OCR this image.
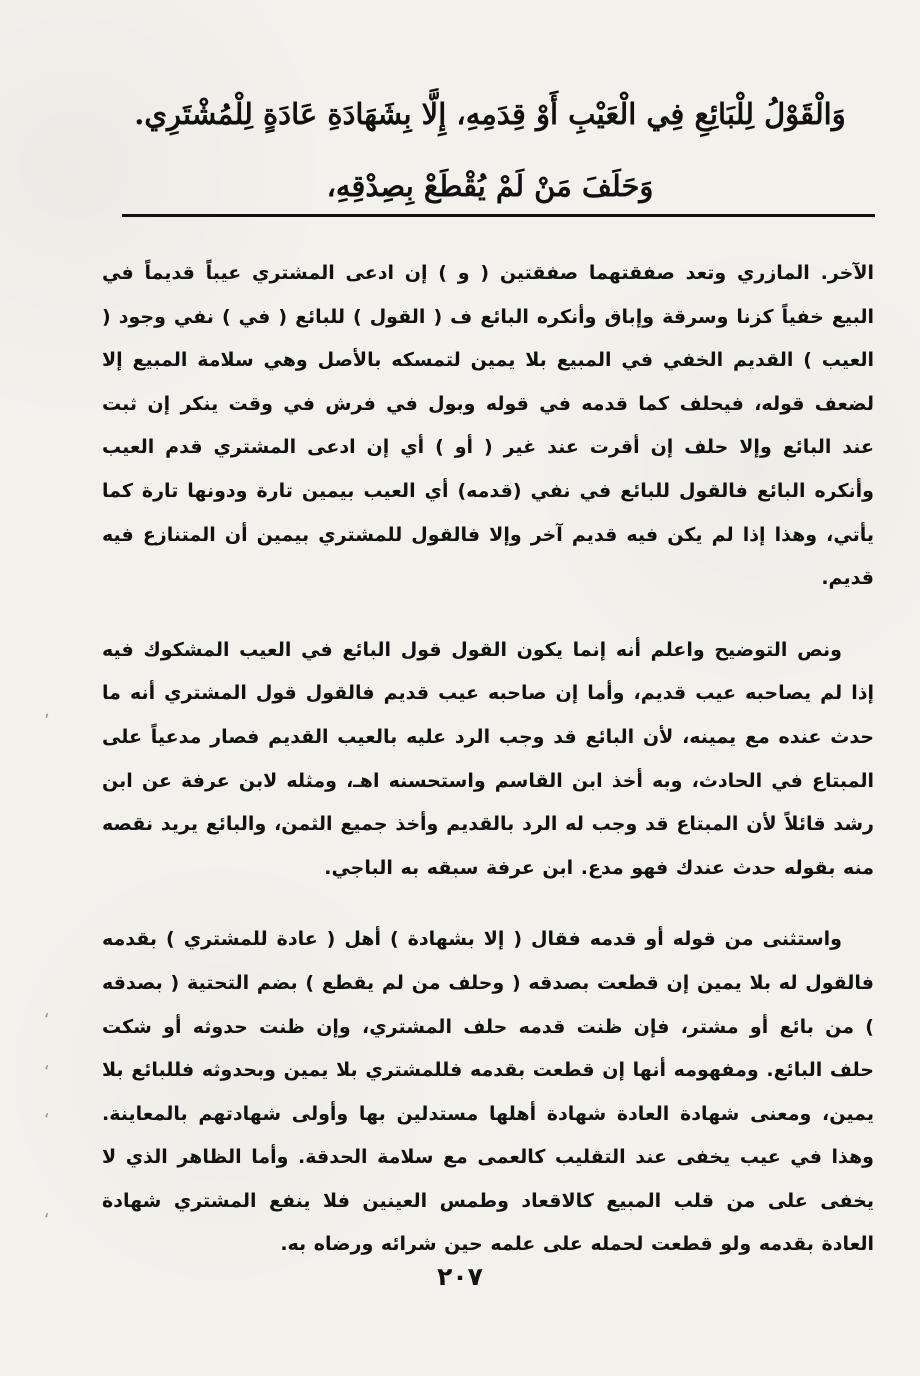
وَالْقَوْلُ لِلْبَائِعِ فِي الْعَيْبِ أَوْ قِدَمِهِ، إِلَّا بِشَهَادَةِ عَادَةٍ لِلْمُشْتَرِي.
وَحَلَفَ مَنْ لَمْ يُقْطَعْ بِصِدْقِهِ،

الآخر. المازري وتعد صفقتهما صفقتين ( و ) إن ادعى المشتري عيباً قديماً في البيع خفياً كزنا وسرقة وإباق وأنكره البائع ف ( القول ) للبائع ( في ) نفي وجود ( العيب ) القديم الخفي في المبيع بلا يمين لتمسكه بالأصل وهي سلامة المبيع إلا لضعف قوله، فيحلف كما قدمه في قوله وبول في فرش في وقت ينكر إن ثبت عند البائع وإلا حلف إن أقرت عند غير ( أو ) أي إن ادعى المشتري قدم العيب وأنكره البائع فالقول للبائع في نفي (قدمه) أي العيب بيمين تارة ودونها تارة كما يأتي، وهذا إذا لم يكن فيه قديم آخر وإلا فالقول للمشتري بيمين أن المتنازع فيه قديم.

ونص التوضيح واعلم أنه إنما يكون القول قول البائع في العيب المشكوك فيه إذا لم يصاحبه عيب قديم، وأما إن صاحبه عيب قديم فالقول قول المشتري أنه ما حدث عنده مع يمينه، لأن البائع قد وجب الرد عليه بالعيب القديم فصار مدعياً على المبتاع في الحادث، وبه أخذ ابن القاسم واستحسنه اهـ، ومثله لابن عرفة عن ابن رشد قائلاً لأن المبتاع قد وجب له الرد بالقديم وأخذ جميع الثمن، والبائع يريد نقصه منه بقوله حدث عندك فهو مدع. ابن عرفة سبقه به الباجي.

واستثنى من قوله أو قدمه فقال ( إلا بشهادة ) أهل ( عادة للمشتري ) بقدمه فالقول له بلا يمين إن قطعت بصدقه ( وحلف من لم يقطع ) بضم التحتية ( بصدقه ) من بائع أو مشتر، فإن ظنت قدمه حلف المشتري، وإن ظنت حدوثه أو شكت حلف البائع. ومفهومه أنها إن قطعت بقدمه فللمشتري بلا يمين وبحدوثه فللبائع بلا يمين، ومعنى شهادة العادة شهادة أهلها مستدلين بها وأولى شهادتهم بالمعاينة. وهذا في عيب يخفى عند التقليب كالعمى مع سلامة الحدقة. وأما الظاهر الذي لا يخفى على من قلب المبيع كالاقعاد وطمس العينين فلا ينفع المشتري شهادة العادة بقدمه ولو قطعت لحمله على علمه حين شرائه ورضاه به.

٢٠٧
‚
‘
‘
‘
‘
